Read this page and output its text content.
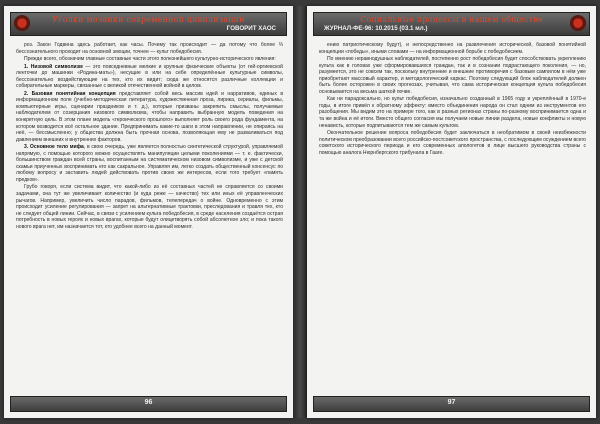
Уголки мозаики современной цивилизации
ГОВОРИТ ХАОС

роз. Закон Годвина здесь работает, как часы. Почему так происходит — да потому что более ⅔ бессознательного проходит на основной эмоции, точнее — культ победобесия.

Прежде всего, обозначим главные составные части этого полезнейшего культурно-исторического явления:

1. Низовой символизм — это повседневные мелкие и крупные физические объекты (от гей-оргиевской ленточки до машинки «Родина-мать»), несущие в или на себе определённые культурные символы, бессознательно воздействующие на тех, кто их видит; сюда же относятся различные коллекции и собирательные маркеры, связанные с великой отечественной войной в целом.

2. Базовая понятийная концепция представляет собой весь массив идей и нарративов, единых в информационном поле (учебно-методическая литература, художественная проза, лирика, сериалы, фильмы, компьютерные игры, сценарии праздников и т. д.), которые призваны закрепить смыслы, получаемые наблюдателем от созерцания низового символизма, чтобы направить выбранную модель поведения на конкретную цель. В этом плане модель «героического прошлого» выполняет роль своего рода фундамента, на котором возводится всё остальное здание. Предпринимать какие-то шаги в этом направлении, не опираясь на неё, — бессмысленно; у общества должна быть прочная основа, позволяющая ему не разваливаться под давлением внешних и внутренних факторов.

3. Основное тело мифа, в свою очередь, уже является полностью синтетической структурой, управляемой напрямую, с помощью которого можно осуществлять манипуляции целыми поколениями — т. е. фактически, большинством граждан всей страны, воспитанным на систематическом низовом символизме, и уже с детской скамьи приученных воспринимать его как сакральное. Управляя им, легко создать общественный консенсус по любому вопросу и заставить людей действовать против своих же интересов, если того требует «память предков».

Грубо говоря, если система видит, что какой-либо из её составных частей не справляется со своими задачами, она тут же увеличивает количество (и куда реже — качество) тех или иных её управленческих рычагов. Например, увеличить число парадов, фильмов, телепередач о войне. Одновременно с этим происходит усиление регулирования — запрет на альтернативные трактовки, преследования и травля тех, кто не следует общей линии. Сейчас, в связи с усилением культа победобесия, в среде населения создаётся острая потребность в новых героях и новых врагах, которые будут олицетворять собой абсолютное зло; и пока такого нового врага нет, им назначается тот, кто удобнее всего на данный момент.

96
Социальные процессы в нашем обществе
ЖУРНАЛ-ФЕ-96: 10.2015 (03.1 мл.)

ению патриотическому будут), и непосредственно на развлечения исторической, базовой понятийной концепции «победы», иными словами — на информационной борьбе с победобесием.

По мнению неравнодушных наблюдателей, постепенно рост победобесия будет способствовать укреплению культа как в головах уже сформировавшихся граждан, так и в сознании подрастающего поколения, — но, разумеется, это не совсем так, поскольку внутренние и внешние противоречия с базовым сампилом в нём уже приобретают массовый характер, и методологический каркас. Поэтому следующий блок наблюдателей должен быть более осторожен в своих прогнозах, учитывая, что сама историческая концепция культа победобесия основывается на весьма шаткой почве.

Как ни парадоксально, но культ победобесия, изначально созданный в 1965 году и укреплённый в 1970-е годы, в итоге привёл к обратному эффекту: вместо объединения народа он стал одним из инструментов его разобщения. Мы видим это на примере того, как в разных регионах страны по-разному воспринимается одна и та же война и её итоги. Вместо общего согласия мы получаем новые линии раздела, новые конфликты и новую ненависть, которые подпитываются тем же самым культом.

Окончательное решение вопроса победобесия будет заключаться в необратимом в своей неизбежности политическом преобразовании всего российско-постсоветского пространства, с последующим осуждением всего советского исторического периода и его современных апологетов в лице высшего руководства страны с помощью аналога Нюрнбергского трибунала в Гааге.

97
